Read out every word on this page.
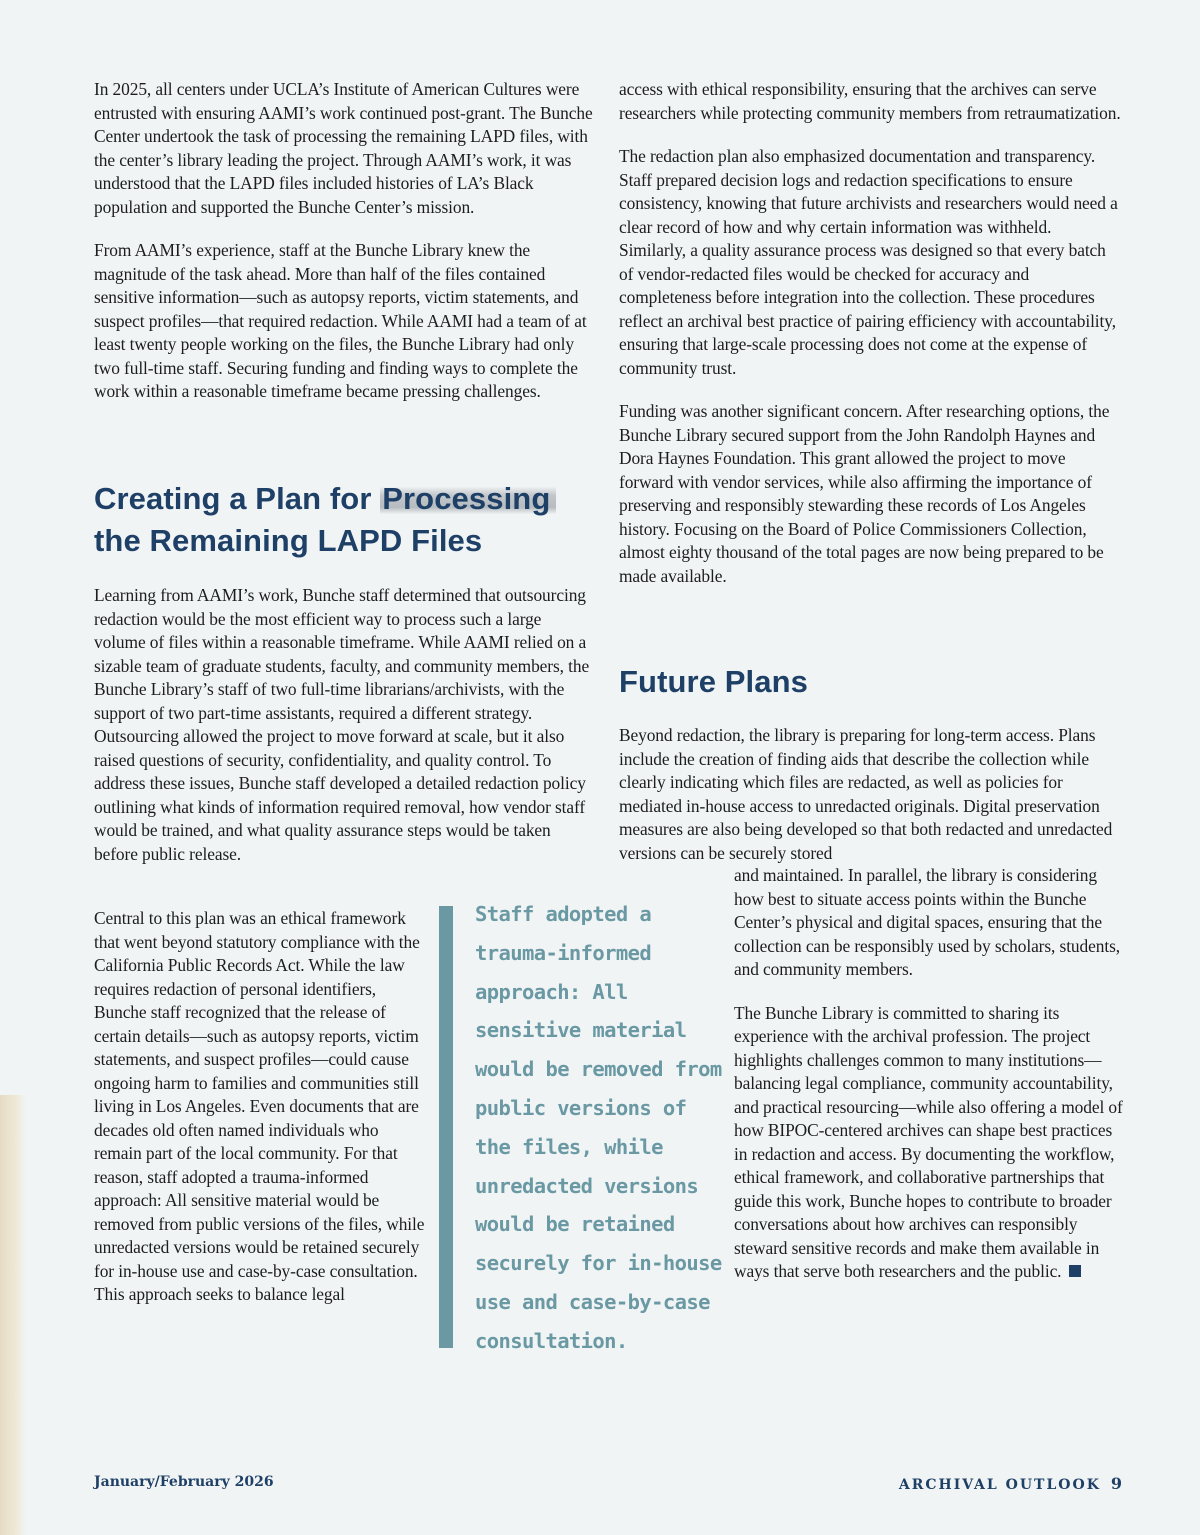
In 2025, all centers under UCLA’s Institute of American Cultures were entrusted with ensuring AAMI’s work continued post-grant. The Bunche Center undertook the task of processing the remaining LAPD files, with the center’s library leading the project. Through AAMI’s work, it was understood that the LAPD files included histories of LA’s Black population and supported the Bunche Center’s mission.

From AAMI’s experience, staff at the Bunche Library knew the magnitude of the task ahead. More than half of the files contained sensitive information—such as autopsy reports, victim statements, and suspect profiles—that required redaction. While AAMI had a team of at least twenty people working on the files, the Bunche Library had only two full-time staff. Securing funding and finding ways to complete the work within a reasonable timeframe became pressing challenges.

Creating a Plan for Processing
the Remaining LAPD Files

Learning from AAMI’s work, Bunche staff determined that outsourcing redaction would be the most efficient way to process such a large volume of files within a reasonable timeframe. While AAMI relied on a sizable team of graduate students, faculty, and community members, the Bunche Library’s staff of two full-time librarians/archivists, with the support of two part-time assistants, required a different strategy. Outsourcing allowed the project to move forward at scale, but it also raised questions of security, confidentiality, and quality control. To address these issues, Bunche staff developed a detailed redaction policy outlining what kinds of information required removal, how vendor staff would be trained, and what quality assurance steps would be taken before public release.

Central to this plan was an ethical framework that went beyond statutory compliance with the California Public Records Act. While the law requires redaction of personal identifiers, Bunche staff recognized that the release of certain details—such as autopsy reports, victim statements, and suspect profiles—could cause ongoing harm to families and communities still living in Los Angeles. Even documents that are decades old often named individuals who remain part of the local community. For that reason, staff adopted a trauma-informed approach: All sensitive material would be removed from public versions of the files, while unredacted versions would be retained securely for in-house use and case-by-case consultation. This approach seeks to balance legal

Staff adopted a trauma-informed approach: All sensitive material would be removed from public versions of the files, while unredacted versions would be retained securely for in-house use and case-by-case consultation.

access with ethical responsibility, ensuring that the archives can serve researchers while protecting community members from retraumatization.

The redaction plan also emphasized documentation and transparency. Staff prepared decision logs and redaction specifications to ensure consistency, knowing that future archivists and researchers would need a clear record of how and why certain information was withheld. Similarly, a quality assurance process was designed so that every batch of vendor-redacted files would be checked for accuracy and completeness before integration into the collection. These procedures reflect an archival best practice of pairing efficiency with accountability, ensuring that large-scale processing does not come at the expense of community trust.

Funding was another significant concern. After researching options, the Bunche Library secured support from the John Randolph Haynes and Dora Haynes Foundation. This grant allowed the project to move forward with vendor services, while also affirming the importance of preserving and responsibly stewarding these records of Los Angeles history. Focusing on the Board of Police Commissioners Collection, almost eighty thousand of the total pages are now being prepared to be made available.

Future Plans

Beyond redaction, the library is preparing for long-term access. Plans include the creation of finding aids that describe the collection while clearly indicating which files are redacted, as well as policies for mediated in-house access to unredacted originals. Digital preservation measures are also being developed so that both redacted and unredacted versions can be securely stored

and maintained. In parallel, the library is considering how best to situate access points within the Bunche Center’s physical and digital spaces, ensuring that the collection can be responsibly used by scholars, students, and community members.

The Bunche Library is committed to sharing its experience with the archival profession. The project highlights challenges common to many institutions—balancing legal compliance, community accountability, and practical resourcing—while also offering a model of how BIPOC-centered archives can shape best practices in redaction and access. By documenting the workflow, ethical framework, and collaborative partnerships that guide this work, Bunche hopes to contribute to broader conversations about how archives can responsibly steward sensitive records and make them available in ways that serve both researchers and the public.

January/February 2026	ARCHIVAL OUTLOOK 9
